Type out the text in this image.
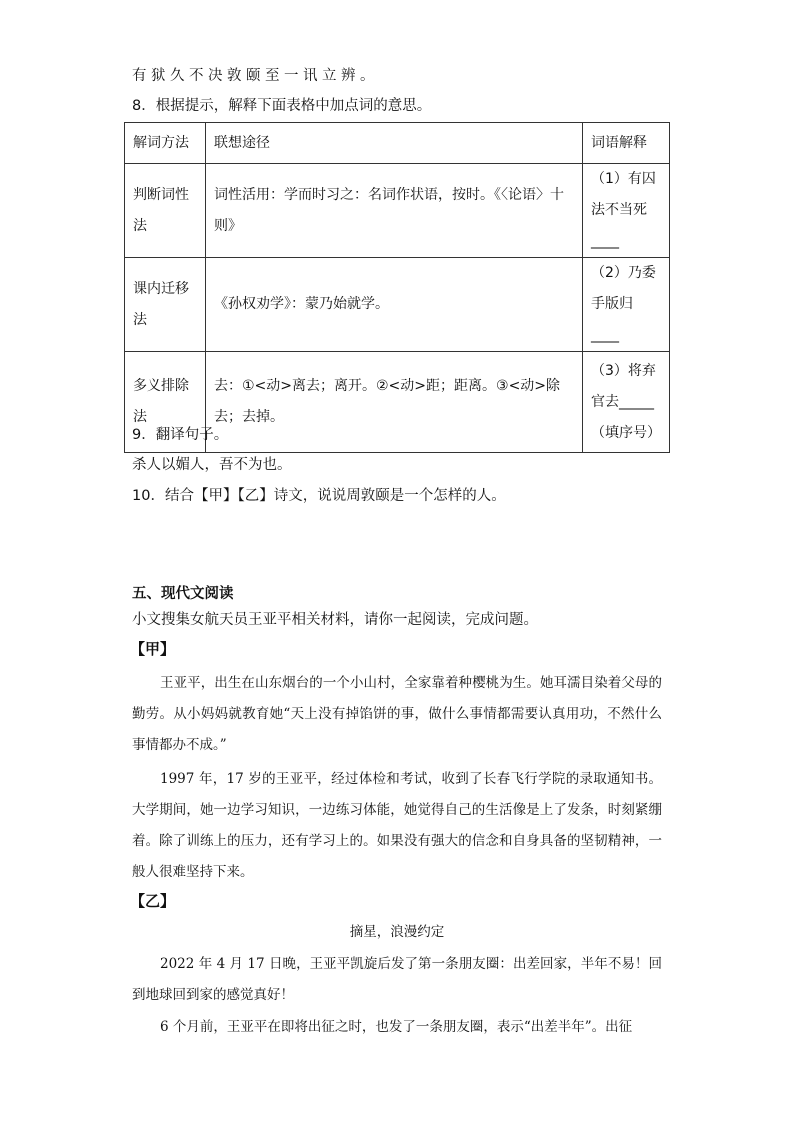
有狱久不决敦颐至一讯立辨。
8．根据提示，解释下面表格中加点词的意思。
解词方法	联想途径	词语解释
判断词性法	词性活用：学而时习之：名词作状语，按时。《〈论语〉十则》	（1）有囚法不当死____
课内迁移法	《孙权劝学》：蒙乃始就学。	（2）乃委手版归 ____
多义排除法	去：①<动>离去；离开。②<动>距；距离。③<动>除去；去掉。	（3）将弃官去_____（填序号）
9．翻译句子。
杀人以媚人，吾不为也。
10．结合【甲】【乙】诗文，说说周敦颐是一个怎样的人。
五、现代文阅读
小文搜集女航天员王亚平相关材料，请你一起阅读，完成问题。
【甲】
王亚平，出生在山东烟台的一个小山村，全家靠着种樱桃为生。她耳濡目染着父母的勤劳。从小妈妈就教育她“天上没有掉馅饼的事，做什么事情都需要认真用功，不然什么事情都办不成。”
1997 年，17 岁的王亚平，经过体检和考试，收到了长春飞行学院的录取通知书。大学期间，她一边学习知识，一边练习体能，她觉得自己的生活像是上了发条，时刻紧绷着。除了训练上的压力，还有学习上的。如果没有强大的信念和自身具备的坚韧精神，一般人很难坚持下来。
【乙】
摘星，浪漫约定
2022 年 4 月 17 日晚，王亚平凯旋后发了第一条朋友圈：出差回家，半年不易！回到地球回到家的感觉真好！
6 个月前，王亚平在即将出征之时，也发了一条朋友圈，表示“出差半年”。出征
